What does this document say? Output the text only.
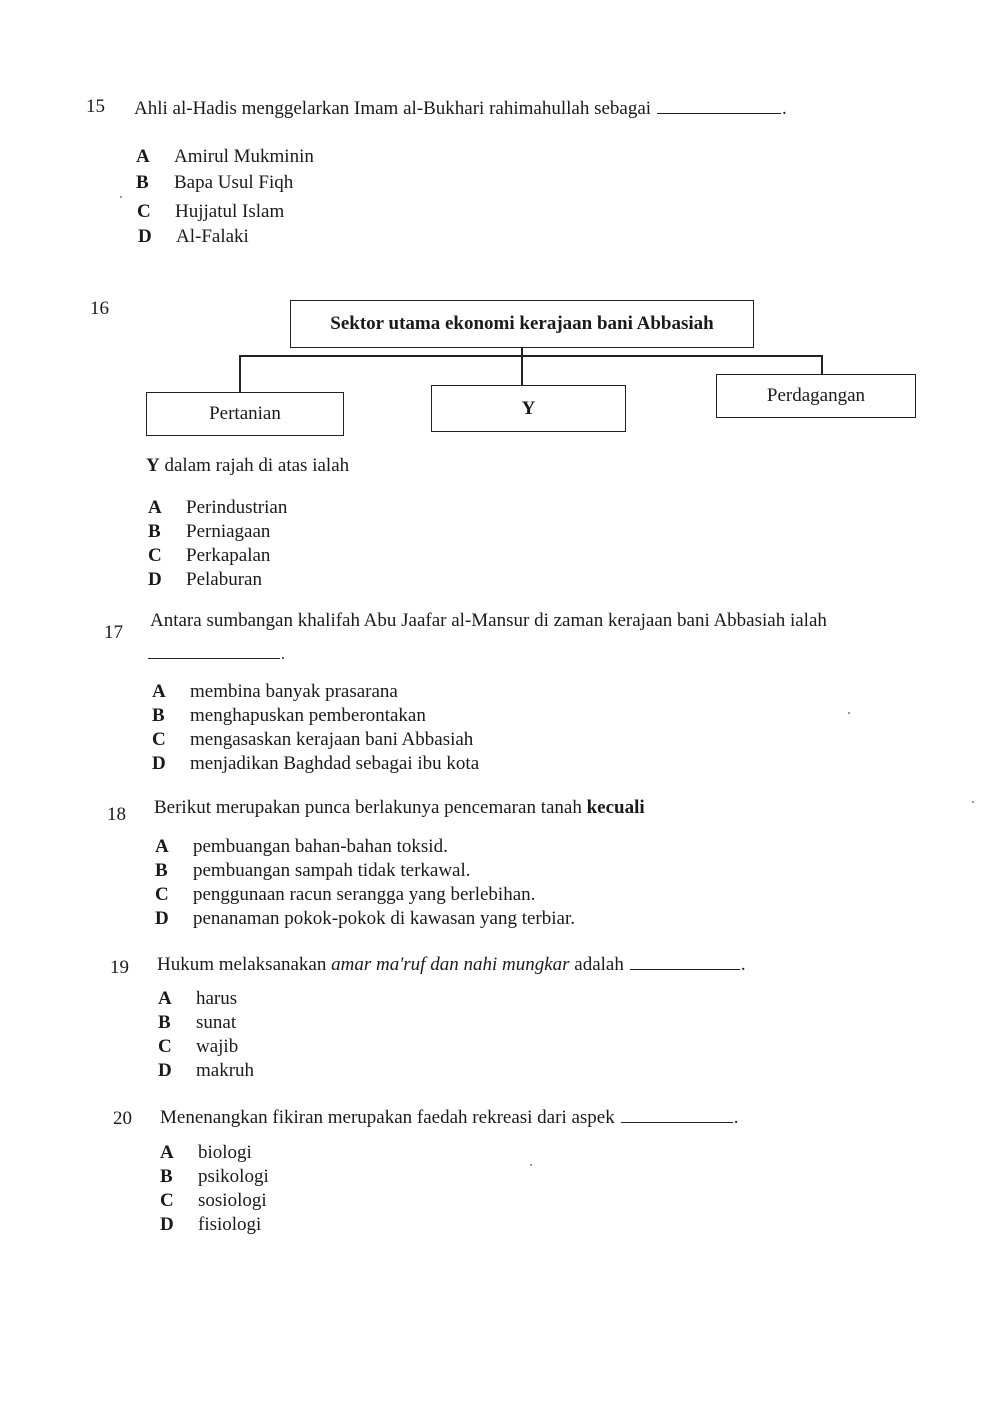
15 Ahli al-Hadis menggelarkan Imam al-Bukhari rahimahullah sebagai	.
A Amirul Mukminin
B Bapa Usul Fiqh
C Hujjatul Islam
D Al-Falaki
16
Sektor utama ekonomi kerajaan bani Abbasiah
Pertanian	Y
Perdagangan
Y dalam rajah di atas ialah
A Perindustrian
B Perniagaan
C Perkapalan
D Pelaburan
17
Antara sumbangan khalifah Abu Jaafar al-Mansur di zaman kerajaan bani Abbasiah ialah
.
A membina banyak prasarana
B menghapuskan pemberontakan
C mengasaskan kerajaan bani Abbasiah
D menjadikan Baghdad sebagai ibu kota
18 Berikut merupakan punca berlakunya pencemaran tanah kecuali
A pembuangan bahan-bahan toksid.
B pembuangan sampah tidak terkawal.
C penggunaan racun serangga yang berlebihan.
D penanaman pokok-pokok di kawasan yang terbiar.
19 Hukum melaksanakan amar ma'ruf dan nahi mungkar adalah	.
A harus
B sunat
C wajib
D makruh
20 Menenangkan fikiran merupakan faedah rekreasi dari aspek	.
A biologi
B psikologi
C sosiologi
D fisiologi
